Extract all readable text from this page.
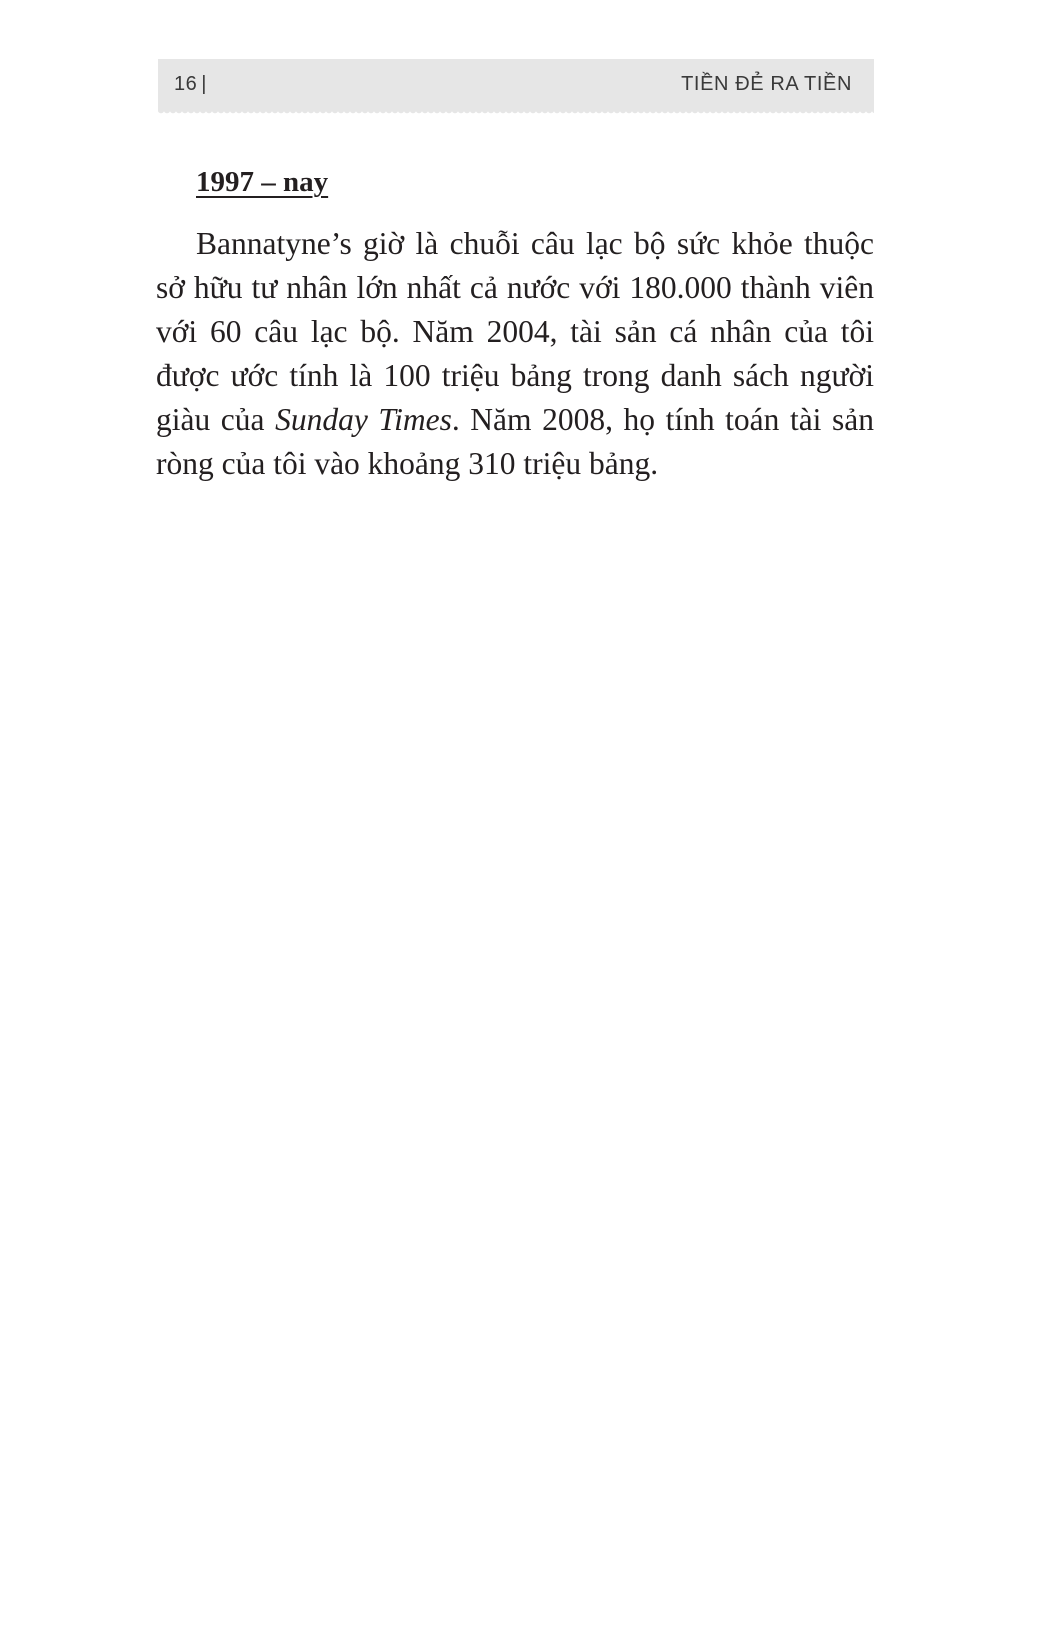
16 |	TIỀN ĐẺ RA TIỀN
1997 – nay

Bannatyne’s giờ là chuỗi câu lạc bộ sức khỏe thuộc sở hữu tư nhân lớn nhất cả nước với 180.000 thành viên với 60 câu lạc bộ. Năm 2004, tài sản cá nhân của tôi được ước tính là 100 triệu bảng trong danh sách người giàu của Sunday Times. Năm 2008, họ tính toán tài sản ròng của tôi vào khoảng 310 triệu bảng.
